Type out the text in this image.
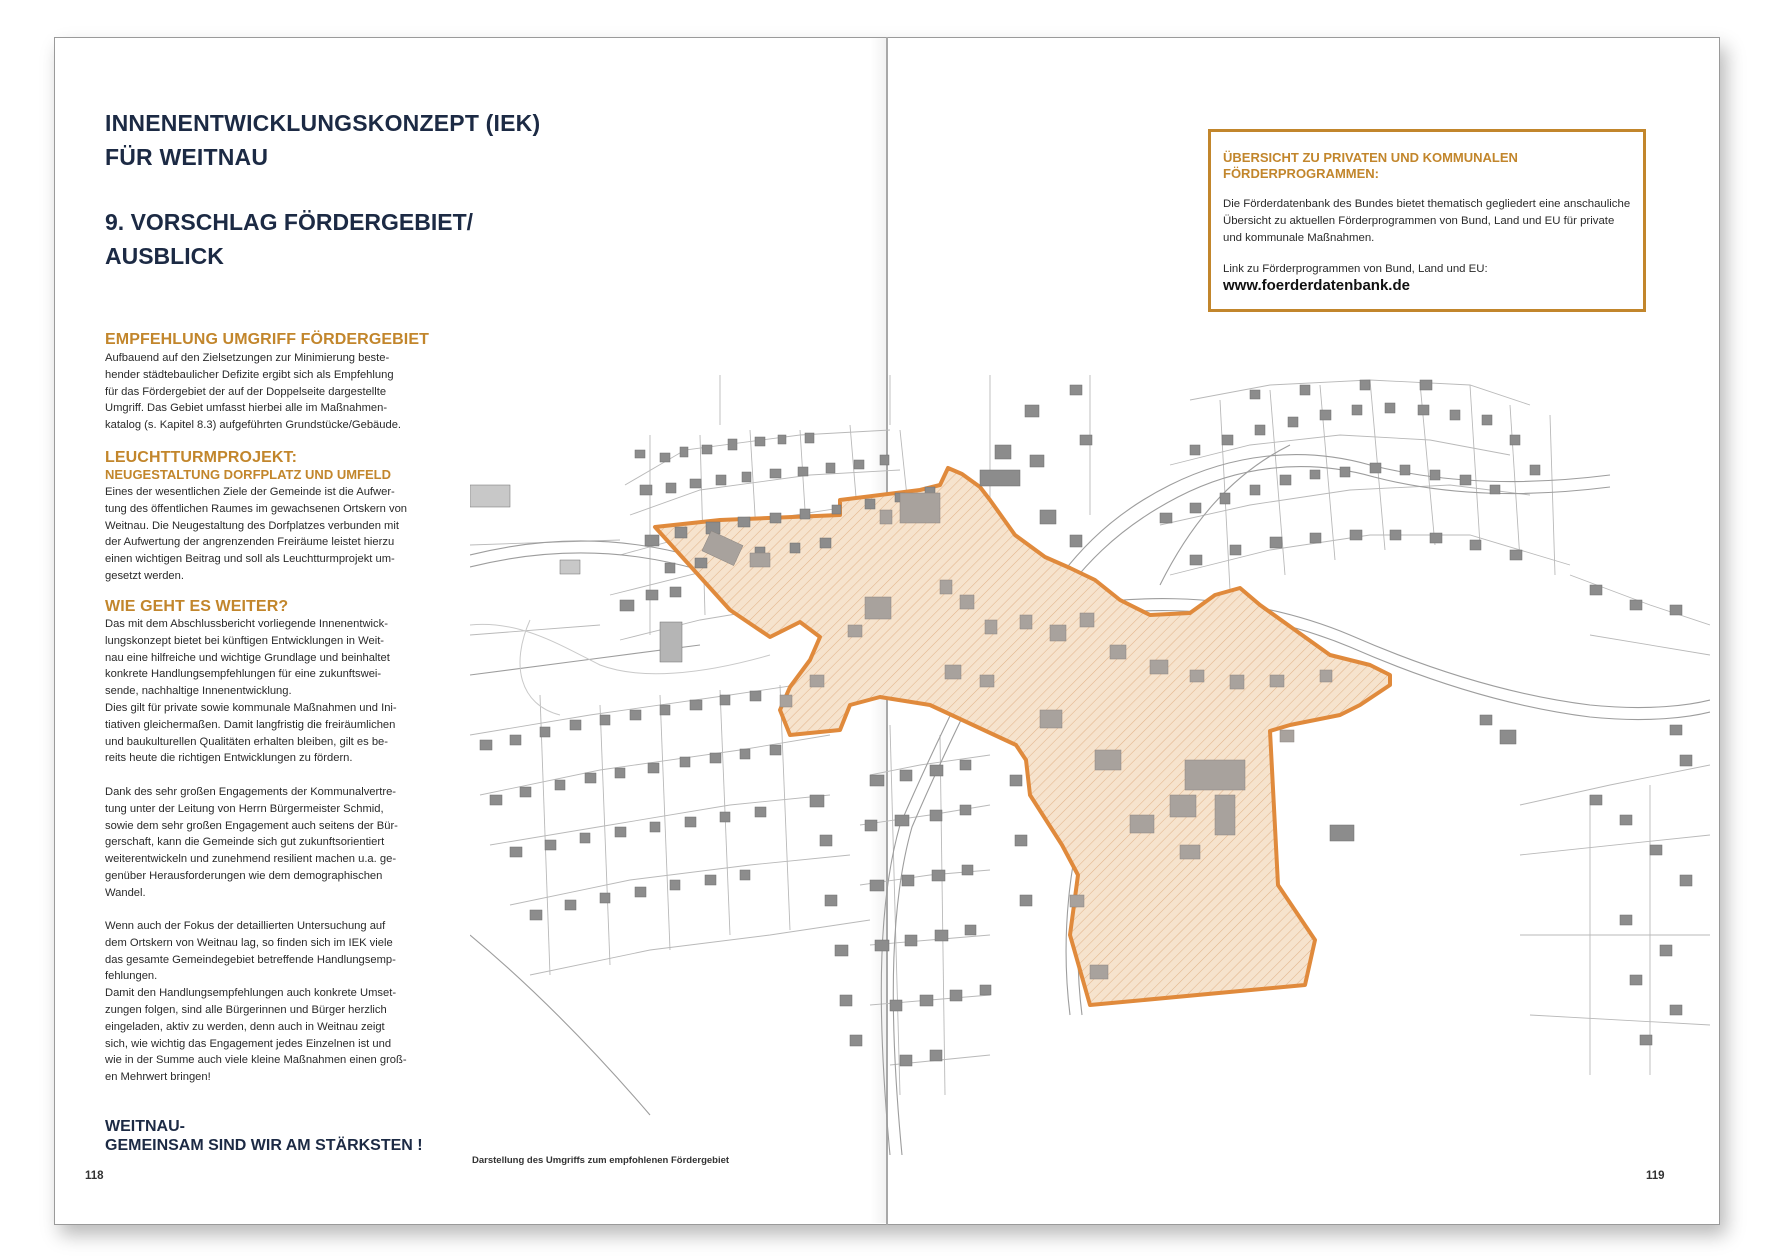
INNENENTWICKLUNGSKONZEPT (IEK)
FÜR WEITNAU
9. VORSCHLAG FÖRDERGEBIET/
AUSBLICK
EMPFEHLUNG UMGRIFF FÖRDERGEBIET
Aufbauend auf den Zielsetzungen zur Minimierung beste-
hender städtebaulicher Defizite ergibt sich als Empfehlung
für das Fördergebiet der auf der Doppelseite dargestellte
Umgriff. Das Gebiet umfasst hierbei alle im Maßnahmen-
katalog (s. Kapitel 8.3) aufgeführten Grundstücke/Gebäude.
LEUCHTTURMPROJEKT:
NEUGESTALTUNG DORFPLATZ UND UMFELD
Eines der wesentlichen Ziele der Gemeinde ist die Aufwer-
tung des öffentlichen Raumes im gewachsenen Ortskern von
Weitnau. Die Neugestaltung des Dorfplatzes verbunden mit
der Aufwertung der angrenzenden Freiräume leistet hierzu
einen wichtigen Beitrag und soll als Leuchtturmprojekt um-
gesetzt werden.
WIE GEHT ES WEITER?
Das mit dem Abschlussbericht vorliegende Innenentwick-
lungskonzept bietet bei künftigen Entwicklungen in Weit-
nau eine hilfreiche und wichtige Grundlage und beinhaltet
konkrete Handlungsempfehlungen für eine zukunftswei-
sende, nachhaltige Innenentwicklung.
Dies gilt für private sowie kommunale Maßnahmen und Ini-
tiativen gleichermaßen. Damit langfristig die freiräumlichen
und baukulturellen Qualitäten erhalten bleiben, gilt es be-
reits heute die richtigen Entwicklungen zu fördern.
Dank des sehr großen Engagements der Kommunalvertre-
tung unter der Leitung von Herrn Bürgermeister Schmid,
sowie dem sehr großen Engagement auch seitens der Bür-
gerschaft, kann die Gemeinde sich gut zukunftsorientiert
weiterentwickeln und zunehmend resilient machen u.a. ge-
genüber Herausforderungen wie dem demographischen
Wandel.
Wenn auch der Fokus der detaillierten Untersuchung auf
dem Ortskern von Weitnau lag, so finden sich im IEK viele
das gesamte Gemeindegebiet betreffende Handlungsemp-
fehlungen.
Damit den Handlungsempfehlungen auch konkrete Umset-
zungen folgen, sind alle Bürgerinnen und Bürger herzlich
eingeladen, aktiv zu werden, denn auch in Weitnau zeigt
sich, wie wichtig das Engagement jedes Einzelnen ist und
wie in der Summe auch viele kleine Maßnahmen einen groß-
en Mehrwert bringen!
WEITNAU-
GEMEINSAM SIND WIR AM STÄRKSTEN !
118
Darstellung des Umgriffs zum empfohlenen Fördergebiet
ÜBERSICHT ZU PRIVATEN UND KOMMUNALEN
FÖRDERPROGRAMMEN:
Die Förderdatenbank des Bundes bietet thematisch gegliedert eine anschauliche Übersicht zu aktuellen Förderprogrammen von Bund, Land und EU für private und kommunale Maßnahmen.
Link zu Förderprogrammen von Bund, Land und EU:
www.foerderdatenbank.de
119
